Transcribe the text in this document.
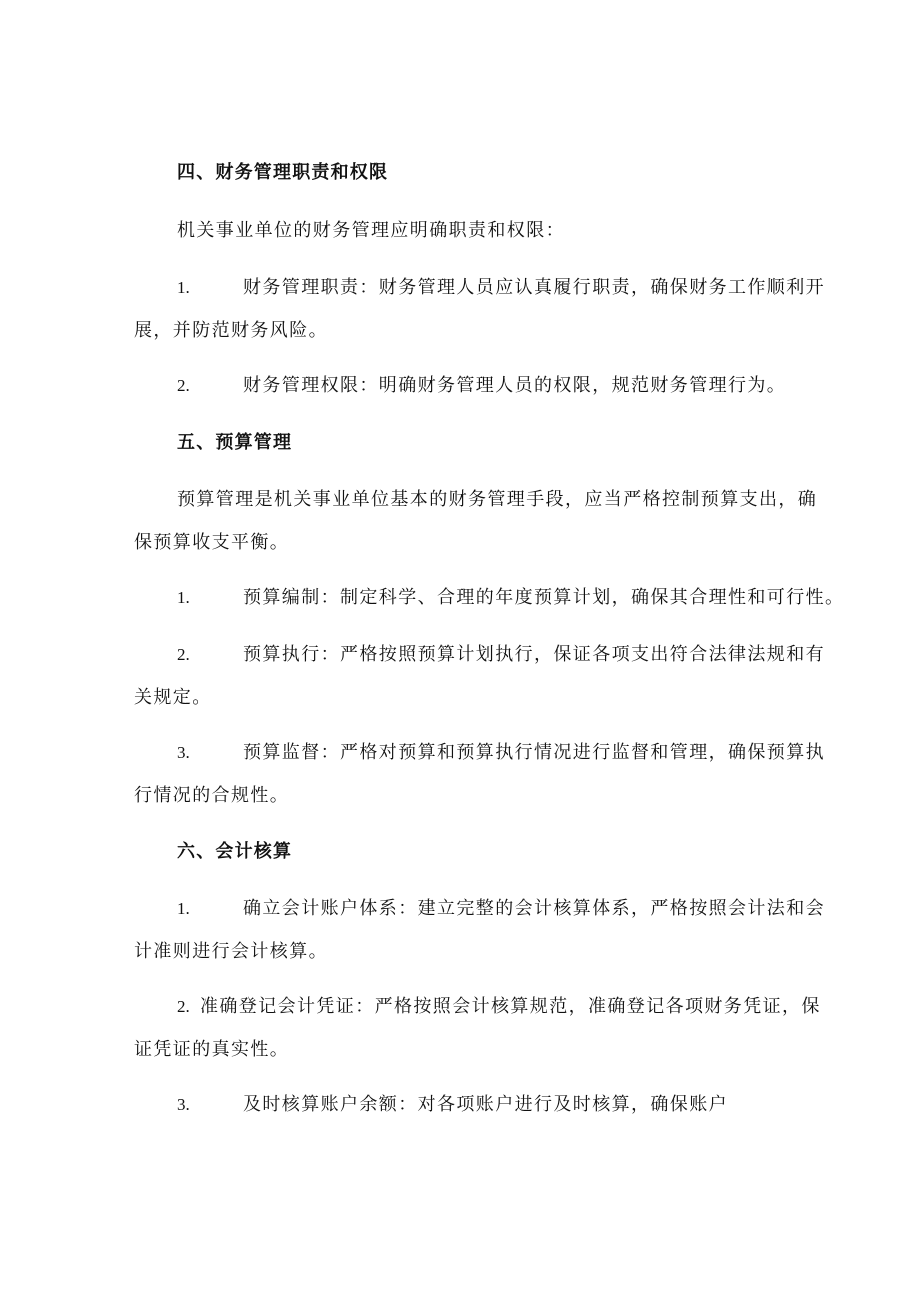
四、财务管理职责和权限
机关事业单位的财务管理应明确职责和权限：
1.	财务管理职责：财务管理人员应认真履行职责，确保财务工作顺利开
展，并防范财务风险。
2.	财务管理权限：明确财务管理人员的权限，规范财务管理行为。
五、预算管理
预算管理是机关事业单位基本的财务管理手段，应当严格控制预算支出，确
保预算收支平衡。
1.	预算编制：制定科学、合理的年度预算计划，确保其合理性和可行性。
2.	预算执行：严格按照预算计划执行，保证各项支出符合法律法规和有
关规定。
3.	预算监督：严格对预算和预算执行情况进行监督和管理，确保预算执
行情况的合规性。
六、会计核算
1.	确立会计账户体系：建立完整的会计核算体系，严格按照会计法和会
计准则进行会计核算。
2. 准确登记会计凭证：严格按照会计核算规范，准确登记各项财务凭证，保
证凭证的真实性。
3.	及时核算账户余额：对各项账户进行及时核算，确保账户
